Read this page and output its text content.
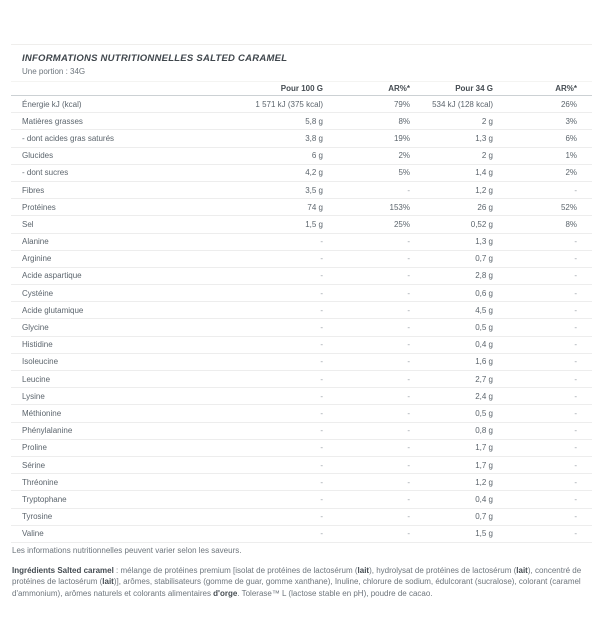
INFORMATIONS NUTRITIONNELLES SALTED CARAMEL
Une portion : 34G
	Pour 100 G	AR%*	Pour 34 G	AR%*
Énergie kJ (kcal)	1 571 kJ (375 kcal)	79%	534 kJ (128 kcal)	26%
Matières grasses	5,8 g	8%	2 g	3%
- dont acides gras saturés	3,8 g	19%	1,3 g	6%
Glucides	6 g	2%	2 g	1%
- dont sucres	4,2 g	5%	1,4 g	2%
Fibres	3,5 g	-	1,2 g	-
Protéines	74 g	153%	26 g	52%
Sel	1,5 g	25%	0,52 g	8%
Alanine	-	-	1,3 g	-
Arginine	-	-	0,7 g	-
Acide aspartique	-	-	2,8 g	-
Cystéine	-	-	0,6 g	-
Acide glutamique	-	-	4,5 g	-
Glycine	-	-	0,5 g	-
Histidine	-	-	0,4 g	-
Isoleucine	-	-	1,6 g	-
Leucine	-	-	2,7 g	-
Lysine	-	-	2,4 g	-
Méthionine	-	-	0,5 g	-
Phénylalanine	-	-	0,8 g	-
Proline	-	-	1,7 g	-
Sérine	-	-	1,7 g	-
Thréonine	-	-	1,2 g	-
Tryptophane	-	-	0,4 g	-
Tyrosine	-	-	0,7 g	-
Valine	-	-	1,5 g	-
Les informations nutritionnelles peuvent varier selon les saveurs.

Ingrédients Salted caramel : mélange de protéines premium [isolat de protéines de lactosérum (lait), hydrolysat de protéines de lactosérum (lait), concentré de protéines de lactosérum (lait)], arômes, stabilisateurs (gomme de guar, gomme xanthane), Inuline, chlorure de sodium, édulcorant (sucralose), colorant (caramel d'ammonium), arômes naturels et colorants alimentaires d'orge. Tolerase™ L (lactose stable en pH), poudre de cacao.
